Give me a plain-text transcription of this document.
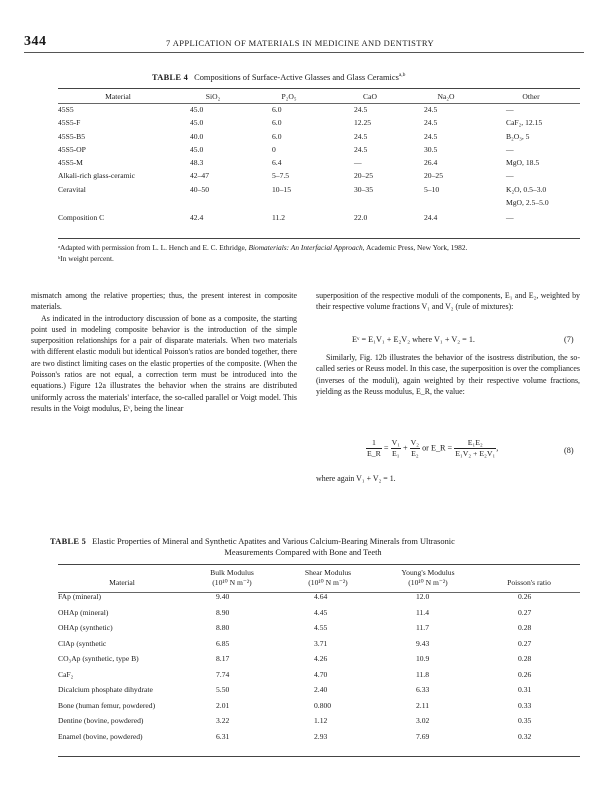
344	7 APPLICATION OF MATERIALS IN MEDICINE AND DENTISTRY
TABLE 4 Compositions of Surface-Active Glasses and Glass Ceramics$^{a,b}$
Material	SiO₂	P₂O₅	CaO	Na₂O	Other
45S5	45.0	6.0	24.5	24.5	—
45S5-F	45.0	6.0	12.25	24.5	CaF₂, 12.15
45S5-B5	40.0	6.0	24.5	24.5	B₂O₃, 5
45S5-OP	45.0	0	24.5	30.5	—
45S5-M	48.3	6.4	—	26.4	MgO, 18.5
Alkali-rich glass-ceramic	42–47	5–7.5	20–25	20–25	—
Ceravital	40–50	10–15	30–35	5–10	K₂O, 0.5–3.0
					MgO, 2.5–5.0
Composition C	42.4	11.2	22.0	24.4	—
ᵃAdapted with permission from L. L. Hench and E. C. Ethridge, Biomaterials: An Interfacial Approach, Academic Press, New York, 1982.
ᵇIn weight percent.

mismatch among the relative properties; thus, the present interest in composite materials.

As indicated in the introductory discussion of bone as a composite, the starting point used in modeling composite behavior is the introduction of the simple superposition relationships for a pair of disparate materials. When two materials with different elastic moduli but identical Poisson's ratios are bonded together, there are two distinct limiting cases on the elastic properties of the composite. (When the Poisson's ratios are not equal, a correction term must be introduced into the equations.) Figure 12a illustrates the behavior when the strains are distributed uniformly across the materials' interface, the so-called parallel or Voigt model. This results in the Voigt modulus, Eᵛ, being the linear

superposition of the respective moduli of the components, E₁ and E₂, weighted by their respective volume fractions V₁ and V₂ (rule of mixtures):

Eᵛ = E₁V₁ + E₂V₂ where V₁ + V₂ = 1.	(7)

Similarly, Fig. 12b illustrates the behavior of the isostress distribution, the so-called series or Reuss model. In this case, the superposition is over the compliances (inverses of the moduli), again weighted by their respective volume fractions, yielding as the Reuss modulus, E_R, the value:

$\frac{1}{E\_R} = \frac{\text{V₁}}{\text{E₁}} + \frac{\text{V₂}}{\text{E₂}}$ or E_R = $\frac{\text{E₁E₂}}{\text{E₁V₂ + E₂V₁}}$ ,	(8)

where again V₁ + V₂ = 1.

TABLE 5 Elastic Properties of Mineral and Synthetic Apatites and Various Calcium-Bearing Minerals from Ultrasonic
Measurements Compared with Bone and Teeth
	Bulk Modulus	Shear Modulus	Young's Modulus	
Material	(10¹⁰ N m⁻²)	(10¹⁰ N m⁻²)	(10¹⁰ N m⁻²)	Poisson's ratio
FAp (mineral)	9.40	4.64	12.0	0.26
OHAp (mineral)	8.90	4.45	11.4	0.27
OHAp (synthetic)	8.80	4.55	11.7	0.28
ClAp (synthetic	6.85	3.71	9.43	0.27
CO₃Ap (synthetic, type B)	8.17	4.26	10.9	0.28
CaF₂	7.74	4.70	11.8	0.26
Dicalcium phosphate dihydrate	5.50	2.40	6.33	0.31
Bone (human femur, powdered)	2.01	0.800	2.11	0.33
Dentine (bovine, powdered)	3.22	1.12	3.02	0.35
Enamel (bovine, powdered)	6.31	2.93	7.69	0.32
